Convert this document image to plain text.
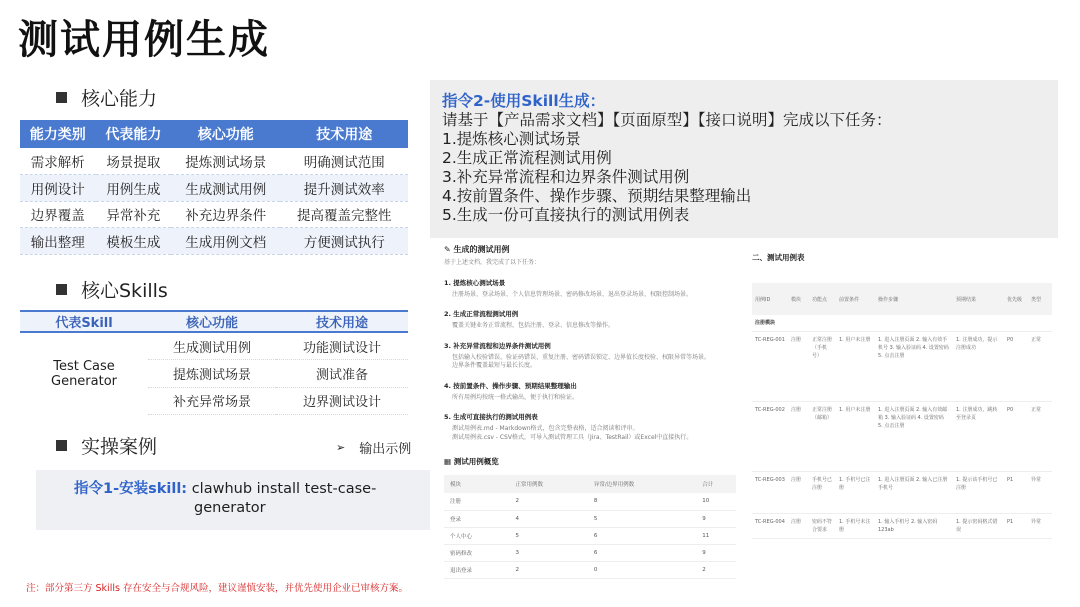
测试用例生成
核心能力
能力类别	代表能力	核心功能	技术用途
需求解析	场景提取	提炼测试场景	明确测试范围
用例设计	用例生成	生成测试用例	提升测试效率
边界覆盖	异常补充	补充边界条件	提高覆盖完整性
输出整理	模板生成	生成用例文档	方便测试执行
核心Skills
代表Skill	核心功能	技术用途
Test Case Generator	生成测试用例	功能测试设计
	提炼测试场景	测试准备
	补充异常场景	边界测试设计
实操案例	➢ 输出示例
指令1-安装skill: clawhub install test-case-
generator
注：部分第三方 Skills 存在安全与合规风险，建议谨慎安装，并优先使用企业已审核方案。
指令2-使用Skill生成：
请基于【产品需求文档】【页面原型】【接口说明】完成以下任务：
1.提炼核心测试场景
2.生成正常流程测试用例
3.补充异常流程和边界条件测试用例
4.按前置条件、操作步骤、预期结果整理输出
5.生成一份可直接执行的测试用例表
✎ 生成的测试用例
基于上述文档，我完成了以下任务：
1. 提炼核心测试场景
注册场景、登录场景、个人信息管理场景、密码修改场景、退出登录场景、权限控制场景。
2. 生成正常流程测试用例
覆盖关键业务正常流程，包括注册、登录、信息修改等操作。
3. 补充异常流程和边界条件测试用例
包括输入校验错误、验证码错误、重复注册、密码错误锁定、边界值长度校验、权限异常等场景。
边界条件覆盖最短与最长长度。
4. 按前置条件、操作步骤、预期结果整理输出
所有用例均按统一格式输出，便于执行和验证。
5. 生成可直接执行的测试用例表
测试用例表.md - Markdown格式，包含完整表格，适合阅读和评审。
测试用例表.csv - CSV格式，可导入测试管理工具（Jira、TestRail）或Excel中直接执行。
▦ 测试用例概览
模块	正常用例数	异常/边界用例数	合计
注册	2	8	10
登录	4	5	9
个人中心	5	6	11
密码修改	3	6	9
退出登录	2	0	2
二、测试用例表
用例ID	模块	功能点	前置条件	操作步骤	预期结果	优先级	类型
注册模块							
TC-REG-001	注册	正常注册（手机号）	1. 用户未注册	1. 进入注册页面 2. 输入有效手机号 3. 输入验证码 4. 设置密码 5. 点击注册	1. 注册成功，提示注册成功	P0	正常
TC-REG-002	注册	正常注册（邮箱）	1. 用户未注册	1. 进入注册页面 2. 输入有效邮箱 3. 输入验证码 4. 设置密码 5. 点击注册	1. 注册成功，跳转至登录页	P0	正常
TC-REG-003	注册	手机号已注册	1. 手机号已注册	1. 进入注册页面 2. 输入已注册手机号	1. 提示该手机号已注册	P1	异常
TC-REG-004	注册	密码不符合要求	1. 手机号未注册	1. 输入手机号 2. 输入密码 123ab	1. 提示密码格式错误	P1	异常
